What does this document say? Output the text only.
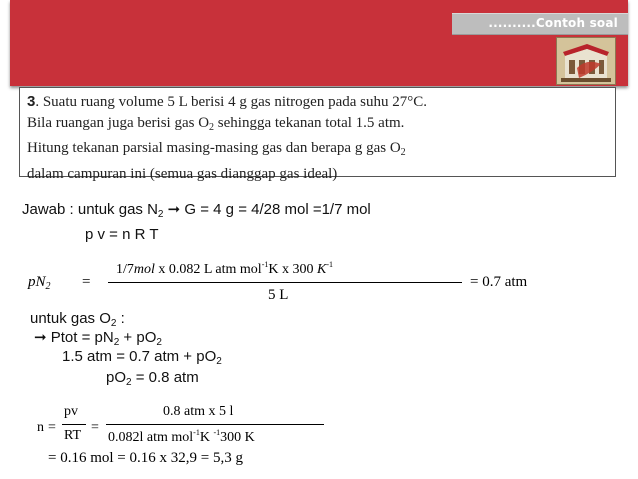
..........Contoh soal
3. Suatu ruang volume 5 L berisi 4 g gas nitrogen pada suhu 27°C.
Bila ruangan juga berisi gas $O_2$ sehingga tekanan total 1.5 atm.
Hitung tekanan parsial masing-masing gas dan berapa g gas $O_2$
dalam campuran ini (semua gas dianggap gas ideal)
Jawab : untuk gas $N_2$ ➞ G = 4 g = 4/28 mol =1/7 mol
p v = n R T
$pN_2$ =
1/7mol x 0.082 L atm mol$^{-1}$K x 300 $K^{-1}$
5 L
= 0.7 atm
untuk gas $O_2$ :
➞ Ptot = $pN_2 + pO_2$
1.5 atm = 0.7 atm + $pO_2$
$pO_2 = 0.8$ atm
n =
pv
RT
=
0.8 atm x 5 l
0.082l atm mol$^{-1}$K $^{-1}$300 K
= 0.16 mol = 0.16 x 32,9 = 5,3 g
